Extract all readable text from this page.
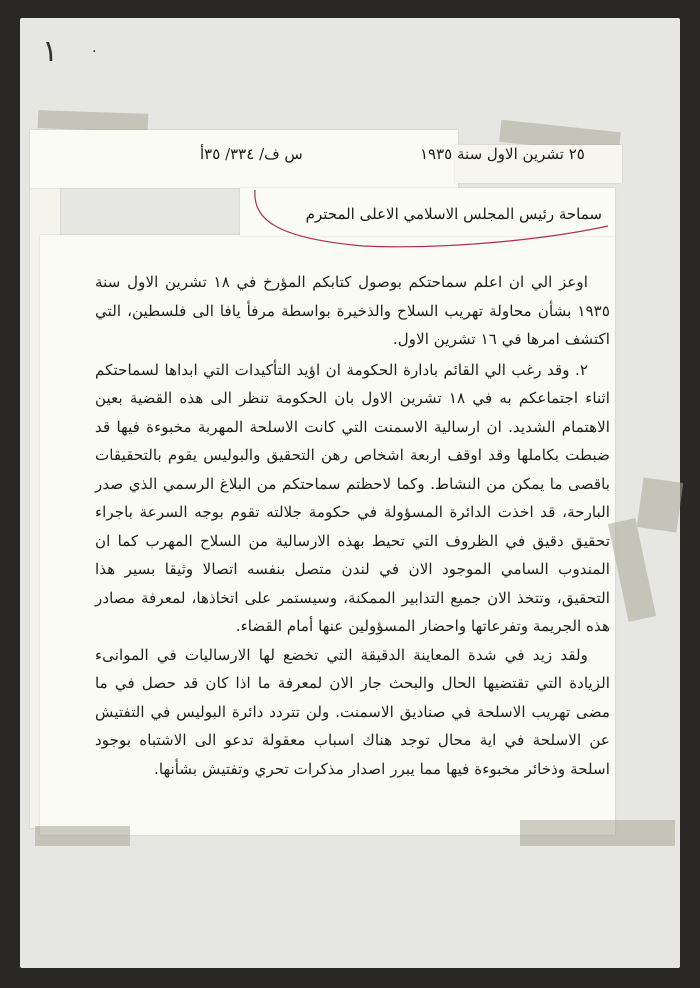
١ ·
٢٥ تشرين الاول سنة ١٩٣٥
س ف/ ٣٣٤/ ٣٥أ
سماحة رئيس المجلس الاسلامي الاعلى المحترم

اوعز الي ان اعلم سماحتكم بوصول كتابكم المؤرخ في ١٨ تشرين الاول سنة ١٩٣٥ بشأن محاولة تهريب السلاح والذخيرة بواسطة مرفأ يافا الى فلسطين، التي اكتشف امرها في ١٦ تشرين الاول.

٢. وقد رغب الي القائم بادارة الحكومة ان اؤيد التأكيدات التي ابداها لسماحتكم اثناء اجتماعكم به في ١٨ تشرين الاول بان الحكومة تنظر الى هذه القضية بعين الاهتمام الشديد. ان ارسالية الاسمنت التي كانت الاسلحة المهربة مخبوءة فيها قد ضبطت بكاملها وقد اوقف اربعة اشخاص رهن التحقيق والبوليس يقوم بالتحقيقات باقصى ما يمكن من النشاط. وكما لاحظتم سماحتكم من البلاغ الرسمي الذي صدر البارحة، قد اخذت الدائرة المسؤولة في حكومة جلالته تقوم بوجه السرعة باجراء تحقيق دقيق في الظروف التي تحيط بهذه الارسالية من السلاح المهرب كما ان المندوب السامي الموجود الان في لندن متصل بنفسه اتصالا وثيقا بسير هذا التحقيق، وتتخذ الان جميع التدابير الممكنة، وسيستمر على اتخاذها، لمعرفة مصادر هذه الجريمة وتفرعاتها واحضار المسؤولين عنها أمام القضاء.

ولقد زيد في شدة المعاينة الدقيقة التي تخضع لها الارساليات في الموانىء الزيادة التي تقتضيها الحال والبحث جار الان لمعرفة ما اذا كان قد حصل في ما مضى تهريب الاسلحة في صناديق الاسمنت. ولن تتردد دائرة البوليس في التفتيش عن الاسلحة في اية محال توجد هناك اسباب معقولة تدعو الى الاشتباه بوجود اسلحة وذخائر مخبوءة فيها مما يبرر اصدار مذكرات تحري وتفتيش بشأنها.
